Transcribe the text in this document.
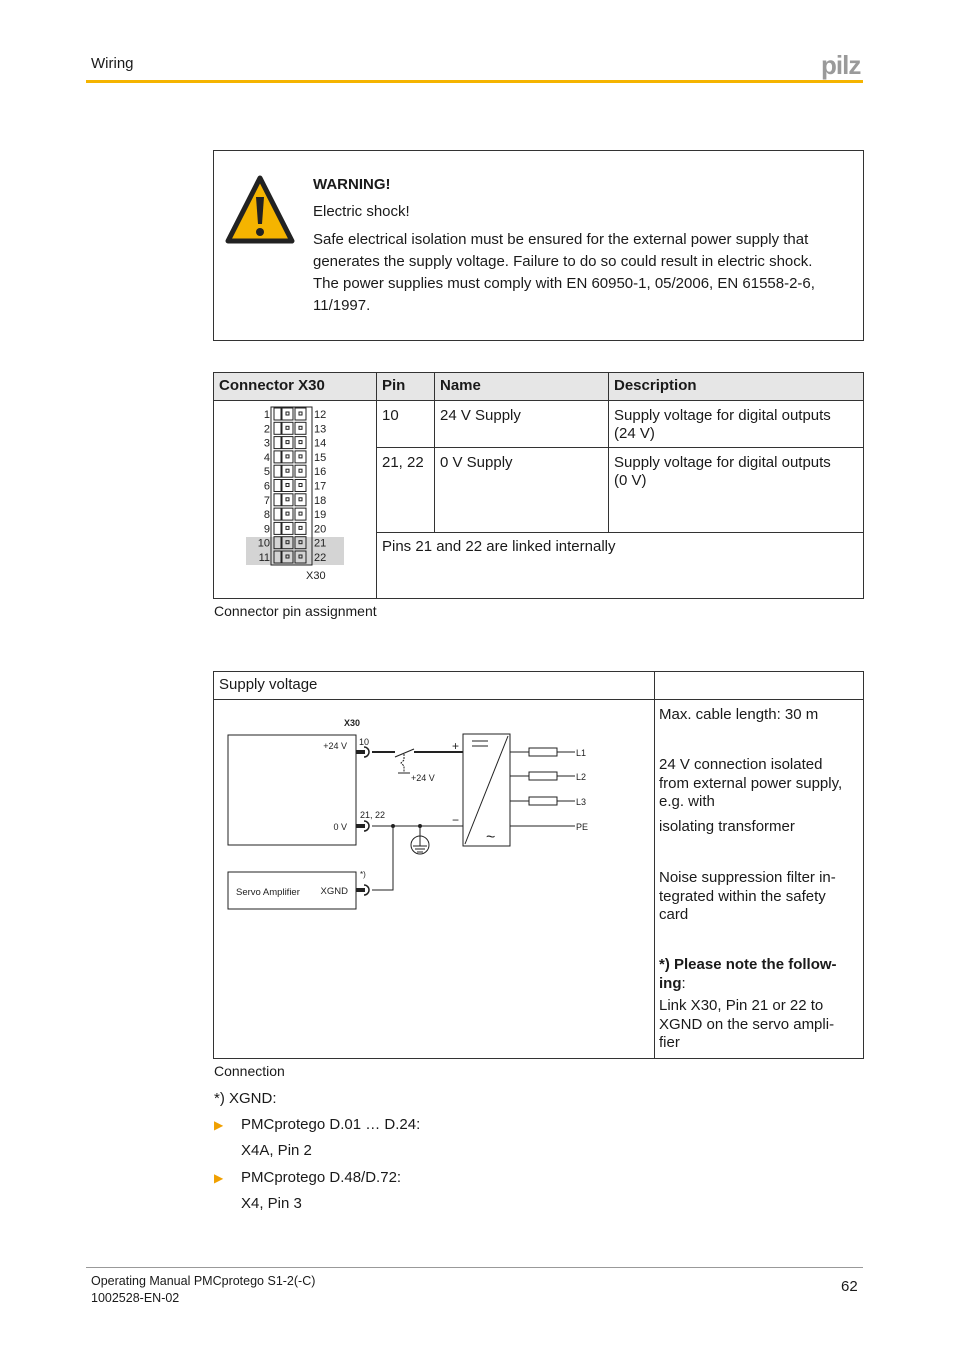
Wiring	pilz
WARNING!
Electric shock!
Safe electrical isolation must be ensured for the external power supply that
generates the supply voltage. Failure to do so could result in electric shock.
The power supplies must comply with EN 60950-1, 05/2006, EN 61558-2-6,
11/1997.
Connector X30	Pin	Name	Description
1	12
2	13
3	14
4	15
5	16
6	17
7	18
8	19
9	20
10	21
11	22
X30
10	24 V Supply	Supply voltage for digital outputs
(24 V)
21, 22	0 V Supply	Supply voltage for digital outputs
(0 V)
Pins 21 and 22 are linked internally
Connector pin assignment
Supply voltage
Max. cable length: 30 m
24 V connection isolated
from external power supply,
e.g. with
isolating transformer
Noise suppression filter in-
tegrated within the safety
card
*) Please note the follow-
ing:
Link X30, Pin 21 or 22 to
XGND on the servo ampli-
fier
X30
+24 V
0 V
10
21, 22
+24 V
+
−
~
L1
L2
L3
PE
Servo Amplifier XGND
*)
Connection
*) XGND:
▶ PMCprotego D.01 … D.24:
X4A, Pin 2
▶ PMCprotego D.48/D.72:
X4, Pin 3
Operating Manual PMCprotego S1-2(-C)
1002528-EN-02
62
